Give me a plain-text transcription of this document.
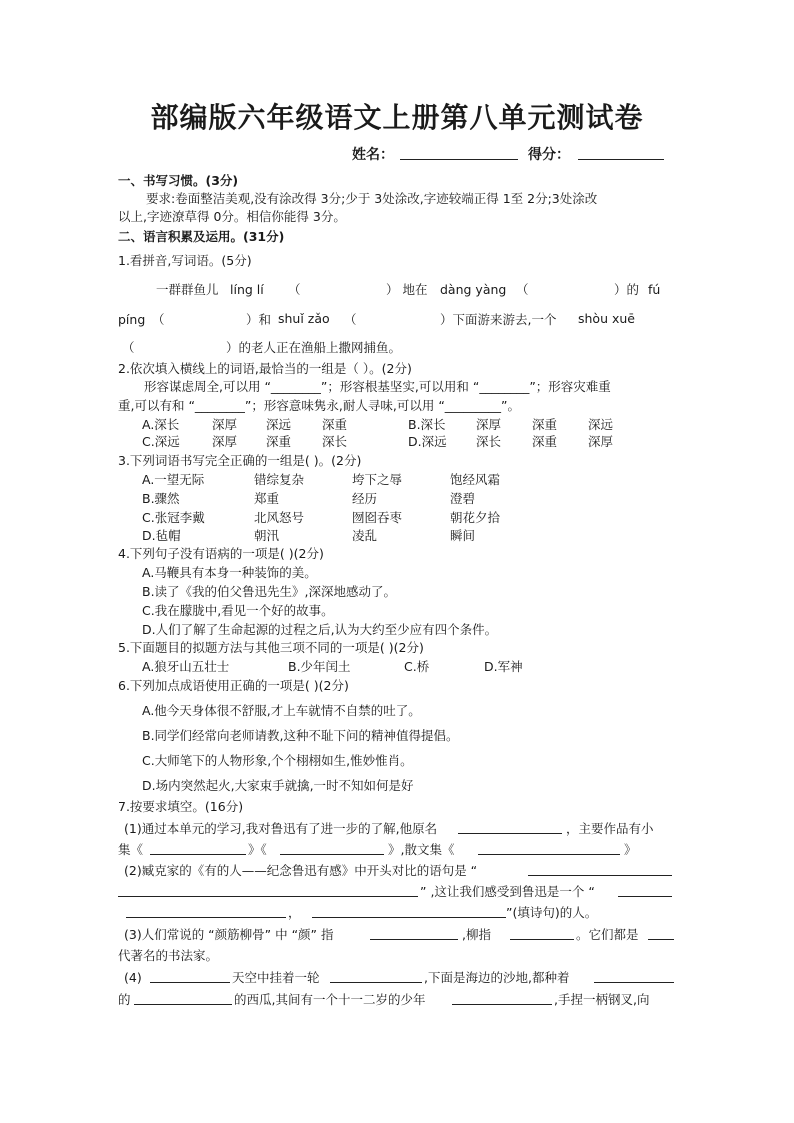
部编版六年级语文上册第八单元测试卷
姓名：	得分：
一、书写习惯。(3分)
要求:卷面整洁美观,没有涂改得 3分;少于 3处涂改,字迹较端正得 1至 2分;3处涂改
以上,字迹潦草得 0分。相信你能得 3分。
二、语言积累及运用。(31分)
1.看拼音,写词语。(5分)
一群群鱼儿 líng lí （	） 地在 dàng yàng （	）的 fú
píng （	）和 shuǐ zǎo （	）下面游来游去,一个 shòu xuē
（	）的老人正在渔船上撒网捕鱼。
2.依次填入横线上的词语,最恰当的一组是（ ）。(2分)
形容谋虑周全,可以用 “________”；形容根基坚实,可以用和 “________”；形容灾难重
重,可以有和 “________”；形容意味隽永,耐人寻味,可以用 “_________”。
A.深长	深厚 深远 深重	B.深长 深厚 深重 深远
C.深远	深厚 深重 深长	D.深远 深长 深重 深厚
3.下列词语书写完全正确的一组是( )。(2分)
A.一望无际	错综复杂	垮下之辱	饱经风霜
B.骤然	郑重	经历	澄碧
C.张冠李戴	北风怒号	囫囵吞枣	朝花夕拾
D.毡帽	朝汛	凌乱	瞬间
4.下列句子没有语病的一项是( )(2分)
A.马鞭具有本身一种装饰的美。
B.读了《我的伯父鲁迅先生》,深深地感动了。
C.我在朦胧中,看见一个好的故事。
D.人们了解了生命起源的过程之后,认为大约至少应有四个条件。
5.下面题目的拟题方法与其他三项不同的一项是( )(2分)
A.狼牙山五壮士	B.少年闰土	C.桥	D.军神
6.下列加点成语使用正确的一项是( )(2分)
A.他今天身体很不舒服,才上车就情不自禁的吐了。
B.同学们经常向老师请教,这种不耻下问的精神值得提倡。
C.大师笔下的人物形象,个个栩栩如生,惟妙惟肖。
D.场内突然起火,大家束手就擒,一时不知如何是好
7.按要求填空。(16分)
(1)通过本单元的学习,我对鲁迅有了进一步的了解,他原名	，主要作品有小
集《	》《	》,散文集《	》
(2)臧克家的《有的人——纪念鲁迅有感》中开头对比的语句是 “
” ,这让我们感受到鲁迅是一个 “
，	”(填诗句)的人。
(3)人们常说的 “颜筋柳骨” 中 “颜” 指	,柳指	。它们都是
代著名的书法家。
(4)	天空中挂着一轮	,下面是海边的沙地,都种着
的	的西瓜,其间有一个十一二岁的少年	,手捏一柄钢叉,向
